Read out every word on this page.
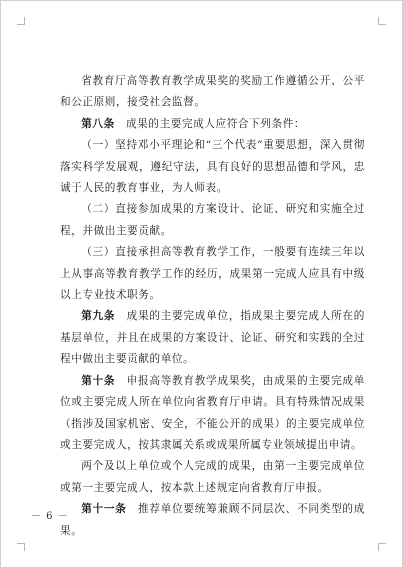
省教育厅高等教育教学成果奖的奖励工作遵循公开、公平和公正原则，接受社会监督。

第八条　 成果的主要完成人应符合下列条件：

（一）坚持邓小平理论和“三个代表”重要思想，深入贯彻落实科学发展观，遵纪守法，具有良好的思想品德和学风，忠诚于人民的教育事业，为人师表。

（二）直接参加成果的方案设计、论证、研究和实施全过程，并做出主要贡献。

（三）直接承担高等教育教学工作，一般要有连续三年以上从事高等教育教学工作的经历，成果第一完成人应具有中级以上专业技术职务。

第九条　 成果的主要完成单位，指成果主要完成人所在的基层单位，并且在成果的方案设计、论证、研究和实践的全过程中做出主要贡献的单位。

第十条　 申报高等教育教学成果奖，由成果的主要完成单位或主要完成人所在单位向省教育厅申请。具有特殊情况成果（指涉及国家机密、安全，不能公开的成果）的主要完成单位或主要完成人，按其隶属关系或成果所属专业领域提出申请。

两个及以上单位或个人完成的成果，由第一主要完成单位或第一主要完成人，按本款上述规定向省教育厅申报。

第十一条　 推荐单位要统筹兼顾不同层次、不同类型的成果。

－ 6 －
